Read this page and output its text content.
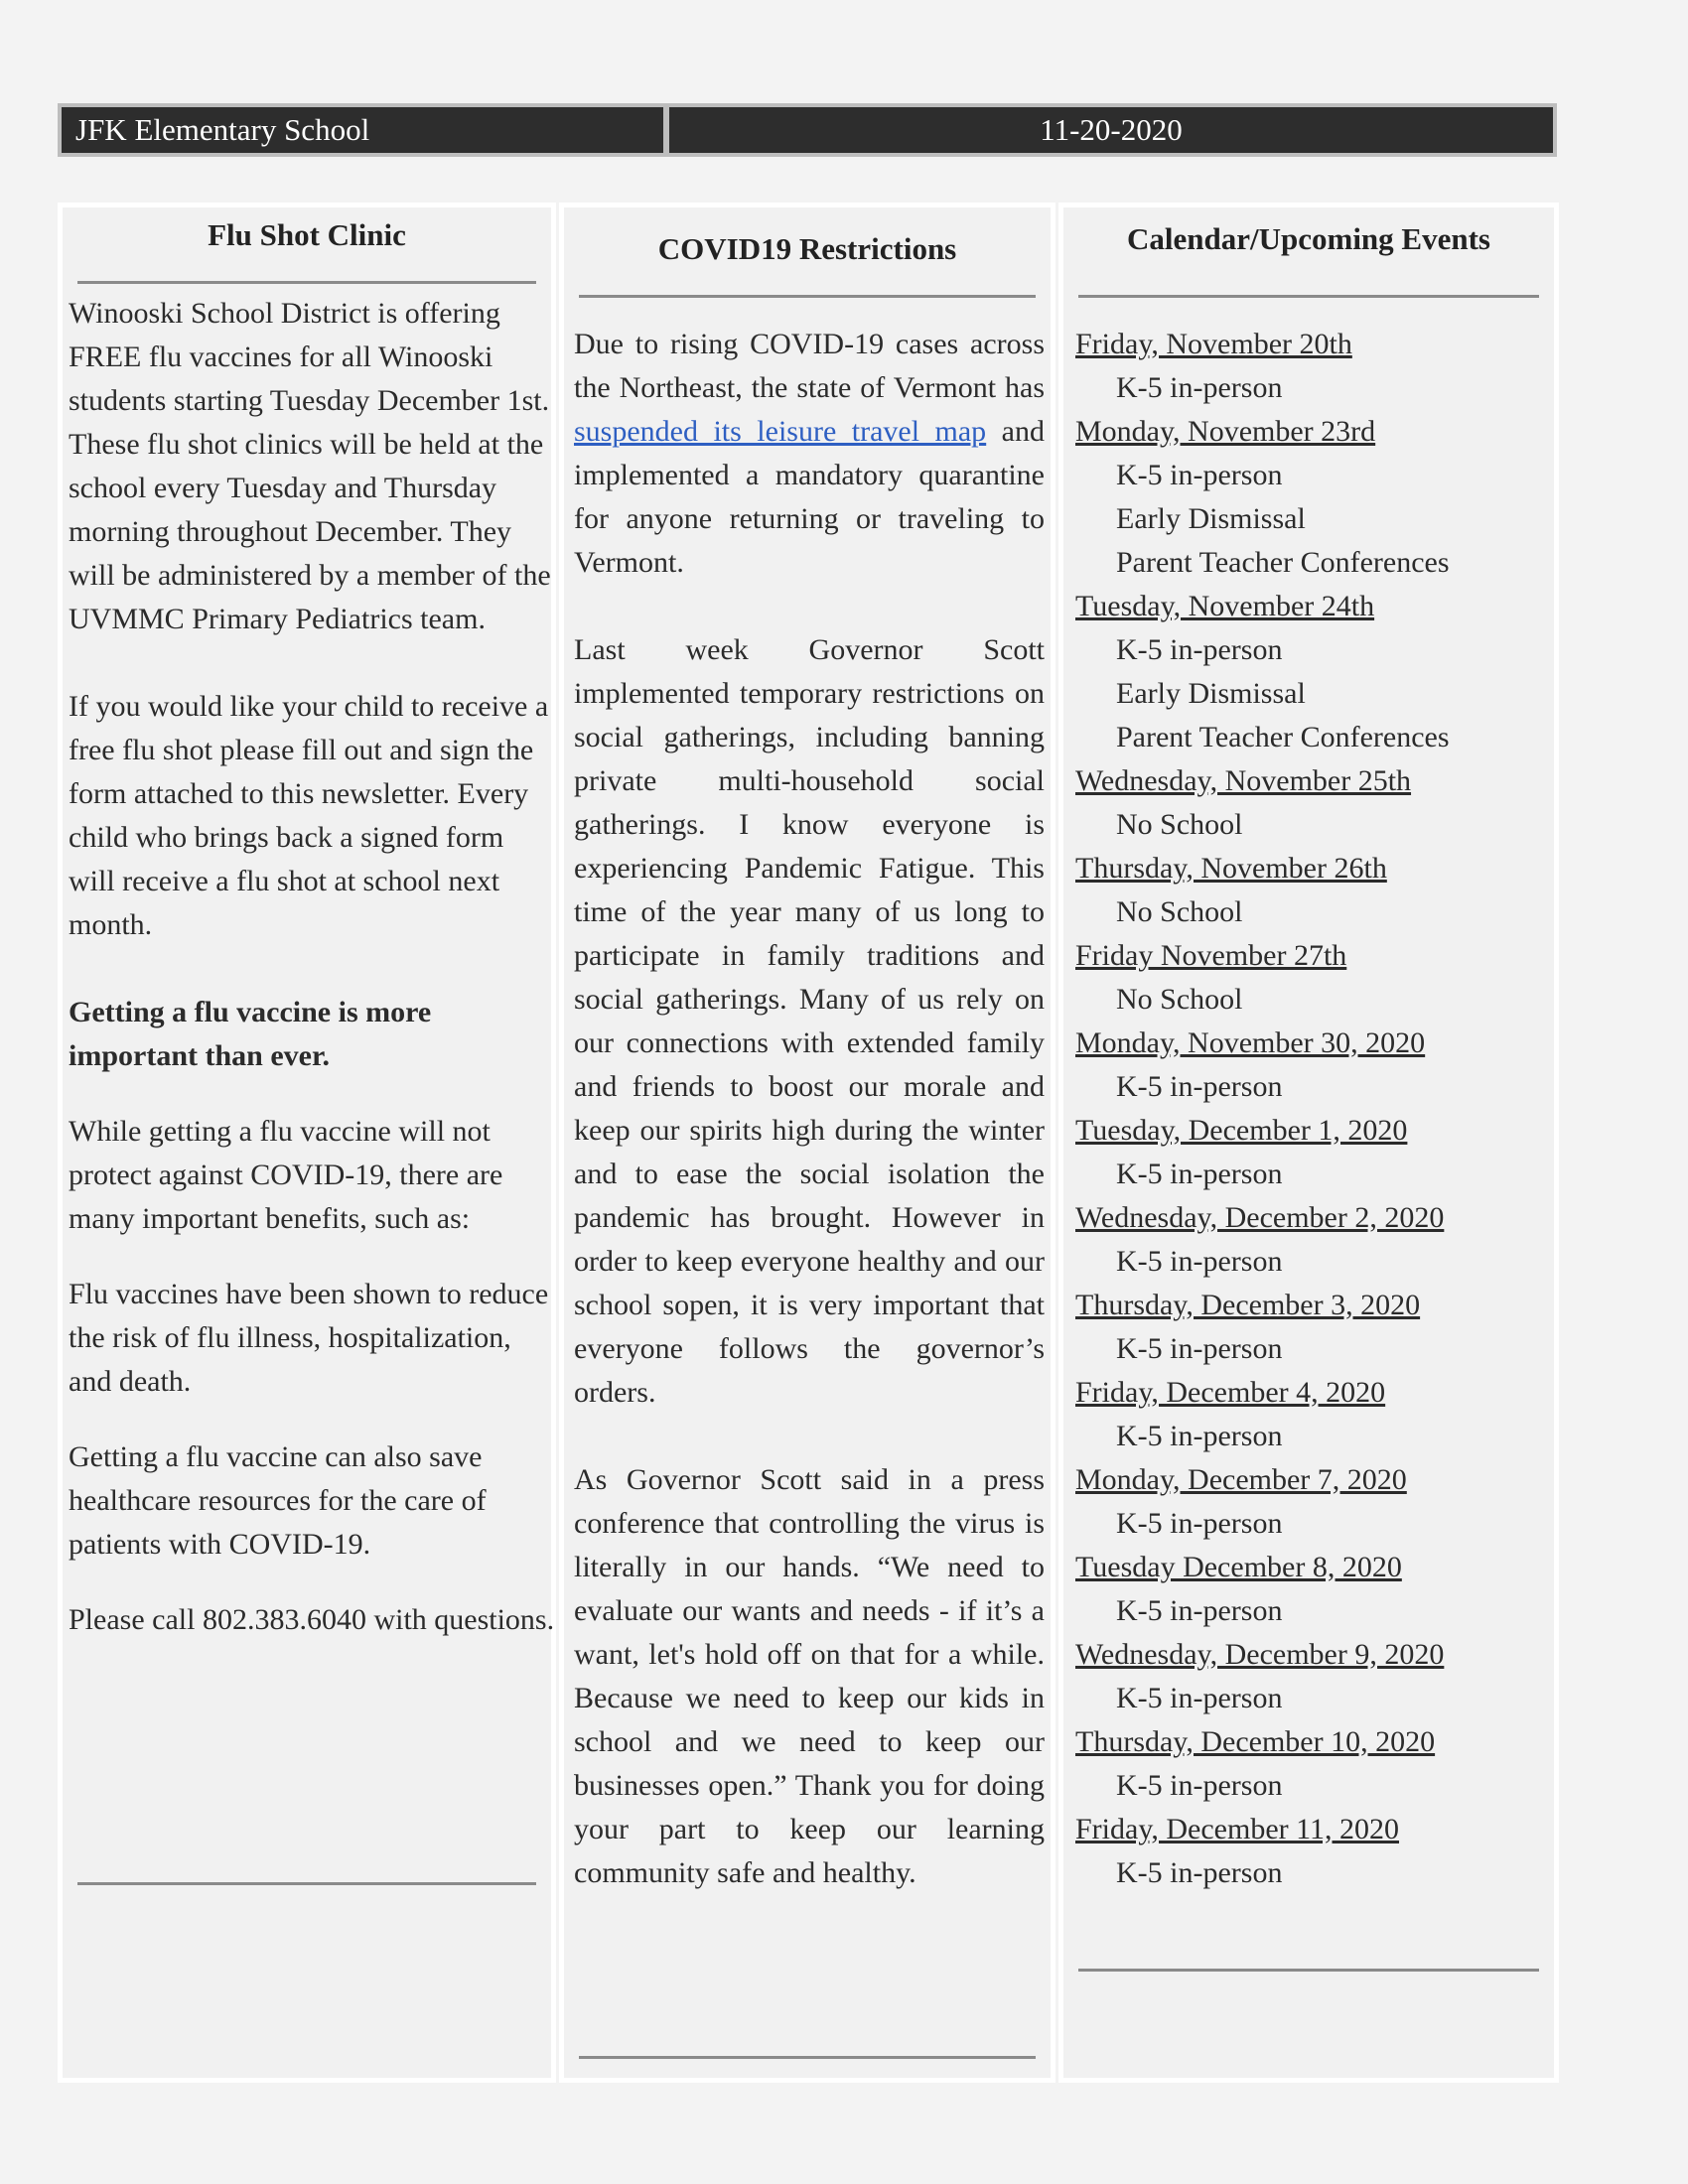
JFK Elementary School	11-20-2020
Flu Shot Clinic

Winooski School District is offering FREE flu vaccines for all Winooski students starting Tuesday December 1st. These flu shot clinics will be held at the school every Tuesday and Thursday morning throughout December. They will be administered by a member of the UVMMC Primary Pediatrics team.

If you would like your child to receive a free flu shot please fill out and sign the form attached to this newsletter. Every child who brings back a signed form will receive a flu shot at school next month.

Getting a flu vaccine is more important than ever.

While getting a flu vaccine will not protect against COVID-19, there are many important benefits, such as:

Flu vaccines have been shown to reduce the risk of flu illness, hospitalization, and death.

Getting a flu vaccine can also save healthcare resources for the care of patients with COVID-19.

Please call 802.383.6040 with questions.

COVID19 Restrictions

Due to rising COVID-19 cases across the Northeast, the state of Vermont has suspended its leisure travel map and implemented a mandatory quarantine for anyone returning or traveling to Vermont.

Last week Governor Scott implemented temporary restrictions on social gatherings, including banning private multi-household social gatherings. I know everyone is experiencing Pandemic Fatigue. This time of the year many of us long to participate in family traditions and social gatherings. Many of us rely on our connections with extended family and friends to boost our morale and keep our spirits high during the winter and to ease the social isolation the pandemic has brought. However in order to keep everyone healthy and our school sopen, it is very important that everyone follows the governor’s orders.

As Governor Scott said in a press conference that controlling the virus is literally in our hands. “We need to evaluate our wants and needs - if it’s a want, let's hold off on that for a while. Because we need to keep our kids in school and we need to keep our businesses open.” Thank you for doing your part to keep our learning community safe and healthy.

Calendar/Upcoming Events
Friday, November 20th
K-5 in-person
Monday, November 23rd
K-5 in-person
Early Dismissal
Parent Teacher Conferences
Tuesday, November 24th
K-5 in-person
Early Dismissal
Parent Teacher Conferences
Wednesday, November 25th
No School
Thursday, November 26th
No School
Friday November 27th
No School
Monday, November 30, 2020
K-5 in-person
Tuesday, December 1, 2020
K-5 in-person
Wednesday, December 2, 2020
K-5 in-person
Thursday, December 3, 2020
K-5 in-person
Friday, December 4, 2020
K-5 in-person
Monday, December 7, 2020
K-5 in-person
Tuesday December 8, 2020
K-5 in-person
Wednesday, December 9, 2020
K-5 in-person
Thursday, December 10, 2020
K-5 in-person
Friday, December 11, 2020
K-5 in-person
